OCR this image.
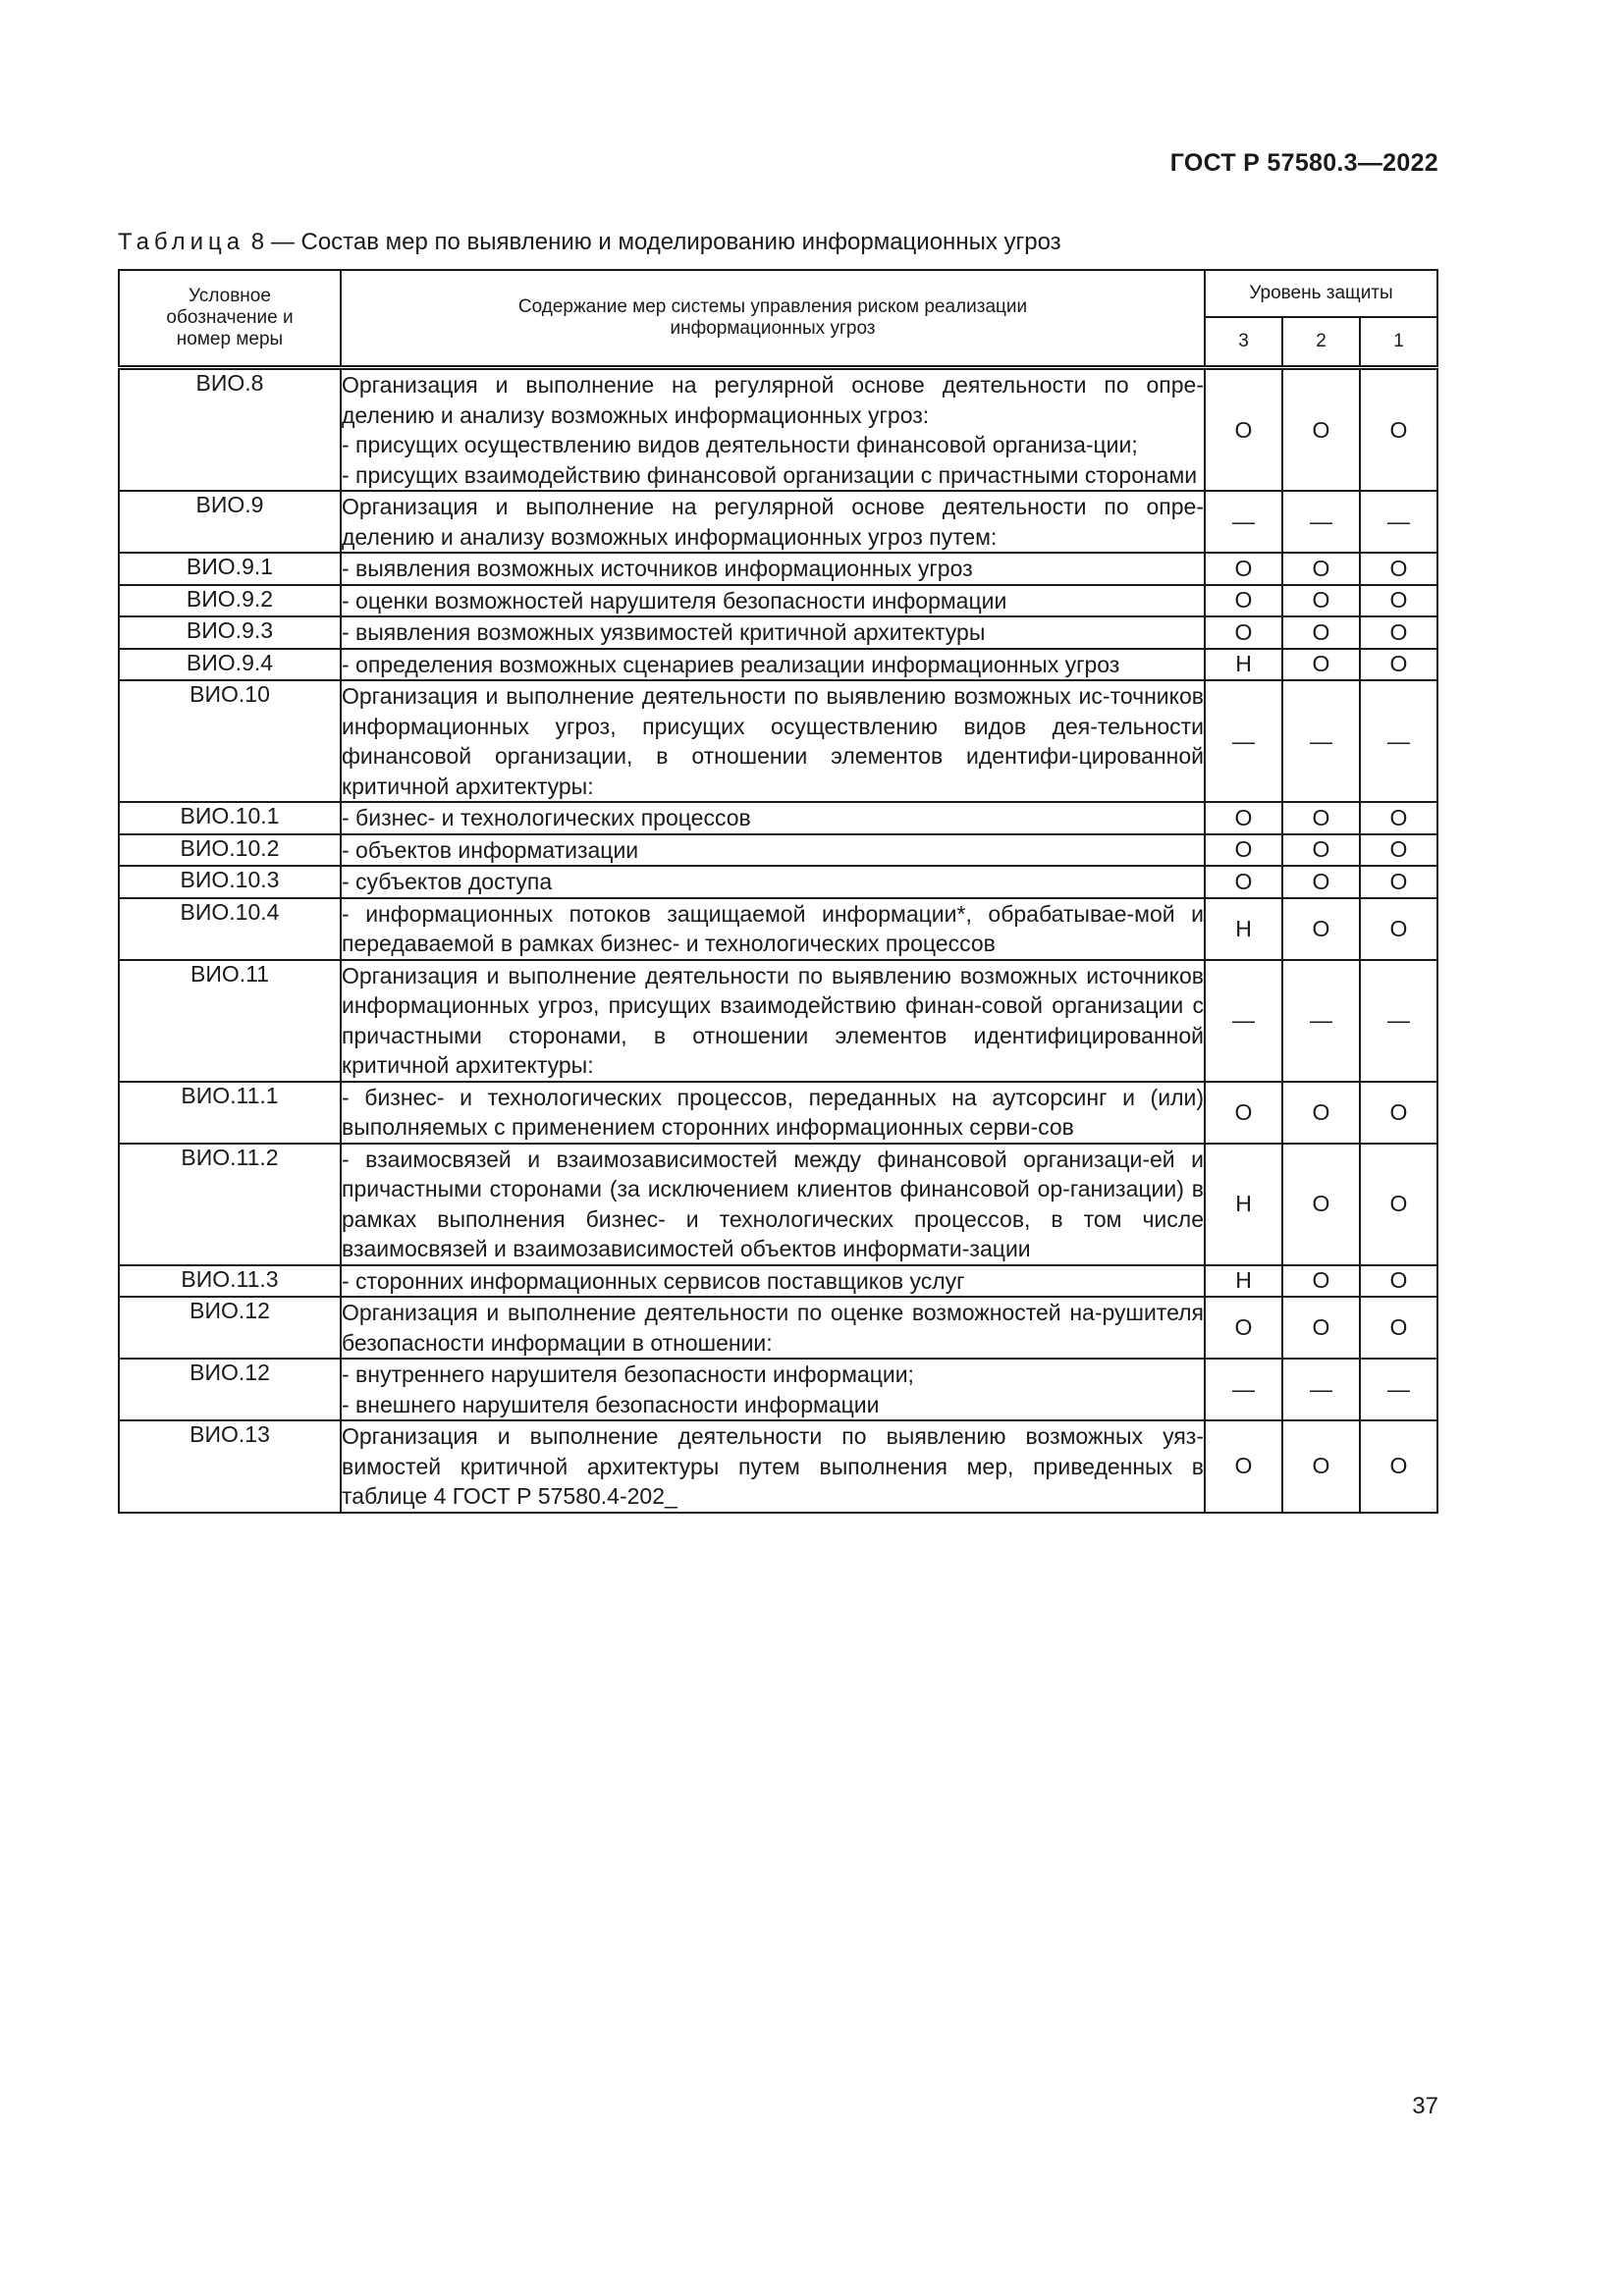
ГОСТ Р 57580.3—2022
Таблица 8 — Состав мер по выявлению и моделированию информационных угроз
Условное обозначение и номер меры	Содержание мер системы управления риском реализации информационных угроз	Уровень защиты		
		3	2	1
ВИО.8	Организация и выполнение на регулярной основе деятельности по опре-делению и анализу возможных информационных угроз:
- присущих осуществлению видов деятельности финансовой организа-ции;
- присущих взаимодействию финансовой организации с причастными сторонами	О	О	О
ВИО.9	Организация и выполнение на регулярной основе деятельности по опре-делению и анализу возможных информационных угроз путем:	—	—	—
ВИО.9.1	- выявления возможных источников информационных угроз	О	О	О
ВИО.9.2	- оценки возможностей нарушителя безопасности информации	О	О	О
ВИО.9.3	- выявления возможных уязвимостей критичной архитектуры	О	О	О
ВИО.9.4	- определения возможных сценариев реализации информационных угроз	Н	О	О
ВИО.10	Организация и выполнение деятельности по выявлению возможных ис-точников информационных угроз, присущих осуществлению видов дея-тельности финансовой организации, в отношении элементов идентифи-цированной критичной архитектуры:	—	—	—
ВИО.10.1	- бизнес- и технологических процессов	О	О	О
ВИО.10.2	- объектов информатизации	О	О	О
ВИО.10.3	- субъектов доступа	О	О	О
ВИО.10.4	- информационных потоков защищаемой информации*, обрабатывае-мой и передаваемой в рамках бизнес- и технологических процессов	Н	О	О
ВИО.11	Организация и выполнение деятельности по выявлению возможных источников информационных угроз, присущих взаимодействию финан-совой организации с причастными сторонами, в отношении элементов идентифицированной критичной архитектуры:	—	—	—
ВИО.11.1	- бизнес- и технологических процессов, переданных на аутсорсинг и (или) выполняемых с применением сторонних информационных серви-сов	О	О	О
ВИО.11.2	- взаимосвязей и взаимозависимостей между финансовой организаци-ей и причастными сторонами (за исключением клиентов финансовой ор-ганизации) в рамках выполнения бизнес- и технологических процессов, в том числе взаимосвязей и взаимозависимостей объектов информати-зации	Н	О	О
ВИО.11.3	- сторонних информационных сервисов поставщиков услуг	Н	О	О
ВИО.12	Организация и выполнение деятельности по оценке возможностей на-рушителя безопасности информации в отношении:	О	О	О
ВИО.12	- внутреннего нарушителя безопасности информации;
- внешнего нарушителя безопасности информации	—	—	—
ВИО.13	Организация и выполнение деятельности по выявлению возможных уяз-вимостей критичной архитектуры путем выполнения мер, приведенных в таблице 4 ГОСТ Р 57580.4-202_	О	О	О
37
